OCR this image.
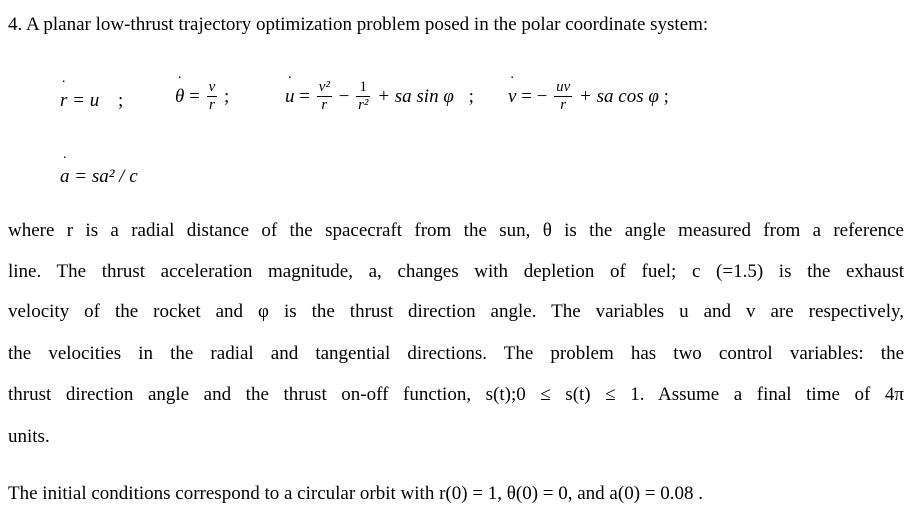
4. A planar low-thrust trajectory optimization problem posed in the polar coordinate system:
˙ r = u ;	˙ $\theta = \frac{v}{r}$ ;	˙ $u = \frac{\text{v²}}{r} - \frac{1}{\text{r²}}$ + sa sin φ ; ˙ v = − $\frac{uv}{r}$ + sa cos φ ;
˙ a = sa² / c
where r is a radial distance of the spacecraft from the sun, θ is the angle measured from a reference
line. The thrust acceleration magnitude, a, changes with depletion of fuel; c (=1.5) is the exhaust
velocity of the rocket and φ is the thrust direction angle. The variables u and v are respectively,
the velocities in the radial and tangential directions. The problem has two control variables: the
thrust direction angle and the thrust on-off function, s(t);0 ≤ s(t) ≤ 1. Assume a final time of 4π
units.
The initial conditions correspond to a circular orbit with r(0) = 1, θ(0) = 0, and a(0) = 0.08 .
